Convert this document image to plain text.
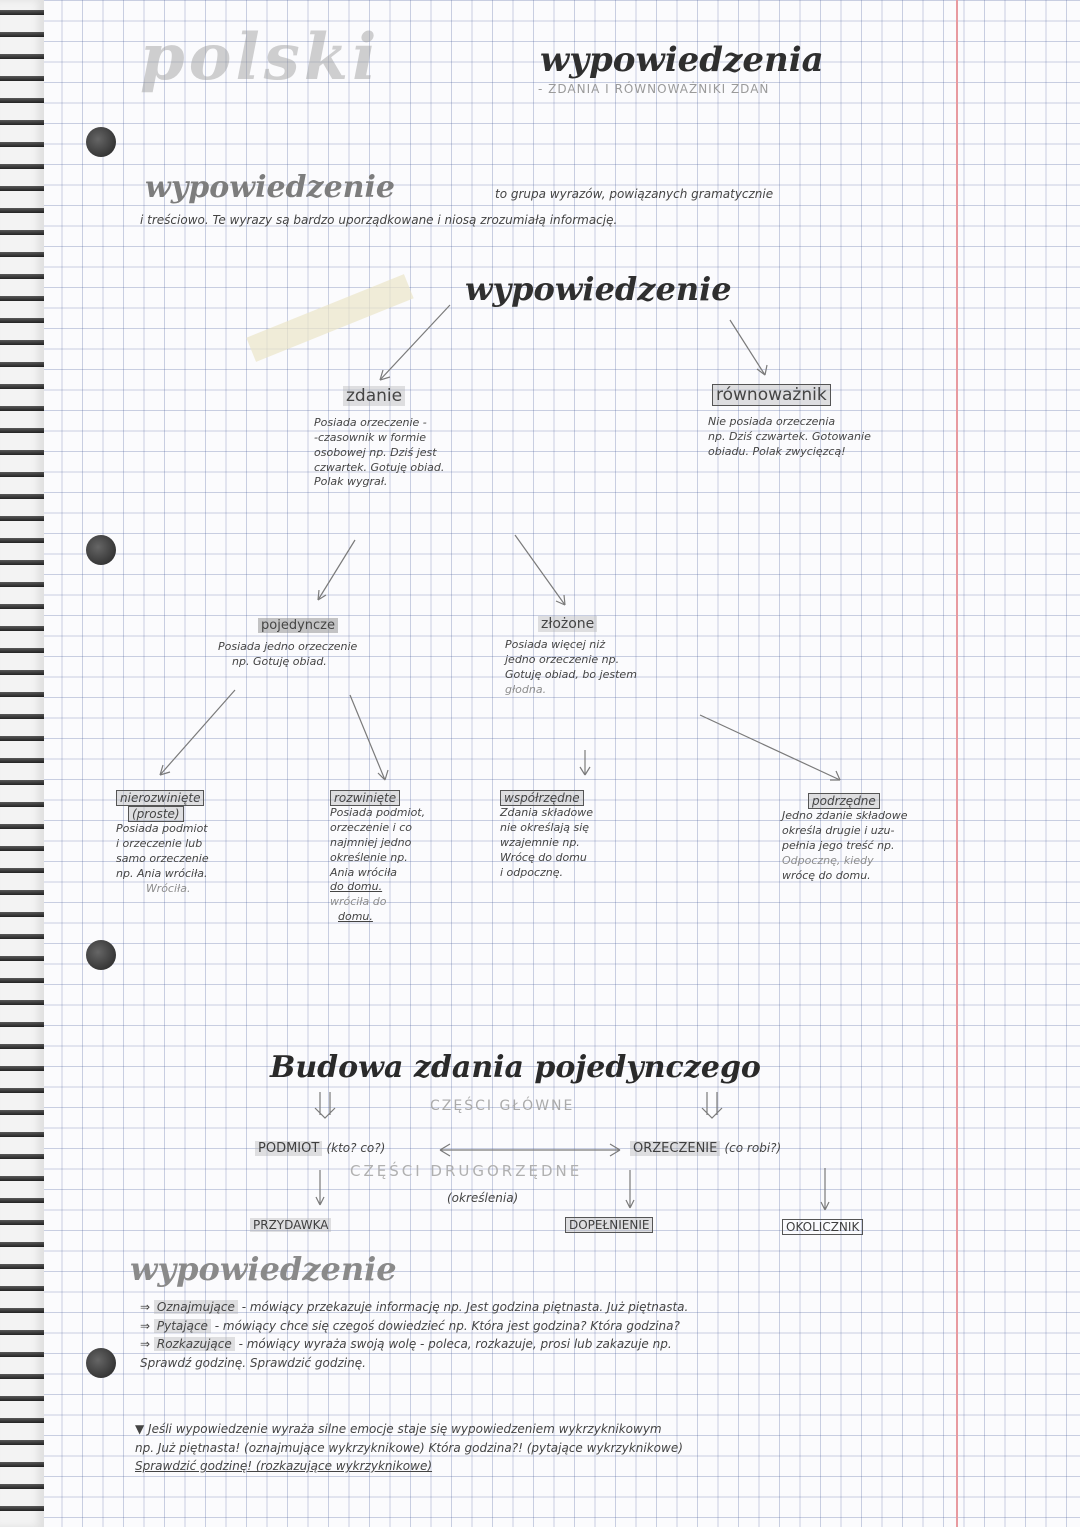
polski	wypowiedzenia
- ZDANIA I RÓWNOWAŻNIKI ZDAŃ
wypowiedzenie	to grupa wyrazów, powiązanych gramatycznie
i treściowo. Te wyrazy są bardzo uporządkowane i niosą zrozumiałą informację.
wypowiedzenie
zdanie
Posiada orzeczenie -
-czasownik w formie
osobowej np. Dziś jest
czwartek. Gotuję obiad.
Polak wygrał.
równoważnik
Nie posiada orzeczenia
np. Dziś czwartek. Gotowanie
obiadu. Polak zwycięzcą!
pojedyncze
Posiada jedno orzeczenie
np. Gotuję obiad.
złożone
Posiada więcej niż
jedno orzeczenie np.
Gotuję obiad, bo jestem
głodna.
nierozwinięte
(proste)
Posiada podmiot
i orzeczenie lub
samo orzeczenie
np. Ania wróciła.
Wróciła.
rozwinięte
Posiada podmiot,
orzeczenie i co
najmniej jedno
określenie np.
Ania wróciła
do domu.
wróciła do
domu.
współrzędne
Zdania składowe
nie określają się
wzajemnie np.
Wrócę do domu
i odpocznę.
podrzędne
Jedno zdanie składowe
określa drugie i uzu-
pełnia jego treść np.
Odpocznę, kiedy
wrócę do domu.
Budowa zdania pojedynczego
CZĘŚCI GŁÓWNE
PODMIOT (kto? co?)	ORZECZENIE (co robi?)
CZĘŚCI DRUGORZĘDNE
(określenia)
PRZYDAWKA	DOPEŁNIENIE	OKOLICZNIK
wypowiedzenie
⇒ Oznajmujące - mówiący przekazuje informację np. Jest godzina piętnasta. Już piętnasta.
⇒ Pytające - mówiący chce się czegoś dowiedzieć np. Która jest godzina? Która godzina?
⇒ Rozkazujące - mówiący wyraża swoją wolę - poleca, rozkazuje, prosi lub zakazuje np.
Sprawdź godzinę. Sprawdzić godzinę.
▼ Jeśli wypowiedzenie wyraża silne emocje staje się wypowiedzeniem wykrzyknikowym
np. Już piętnasta! (oznajmujące wykrzyknikowe) Która godzina?! (pytające wykrzyknikowe)
Sprawdzić godzinę! (rozkazujące wykrzyknikowe)
